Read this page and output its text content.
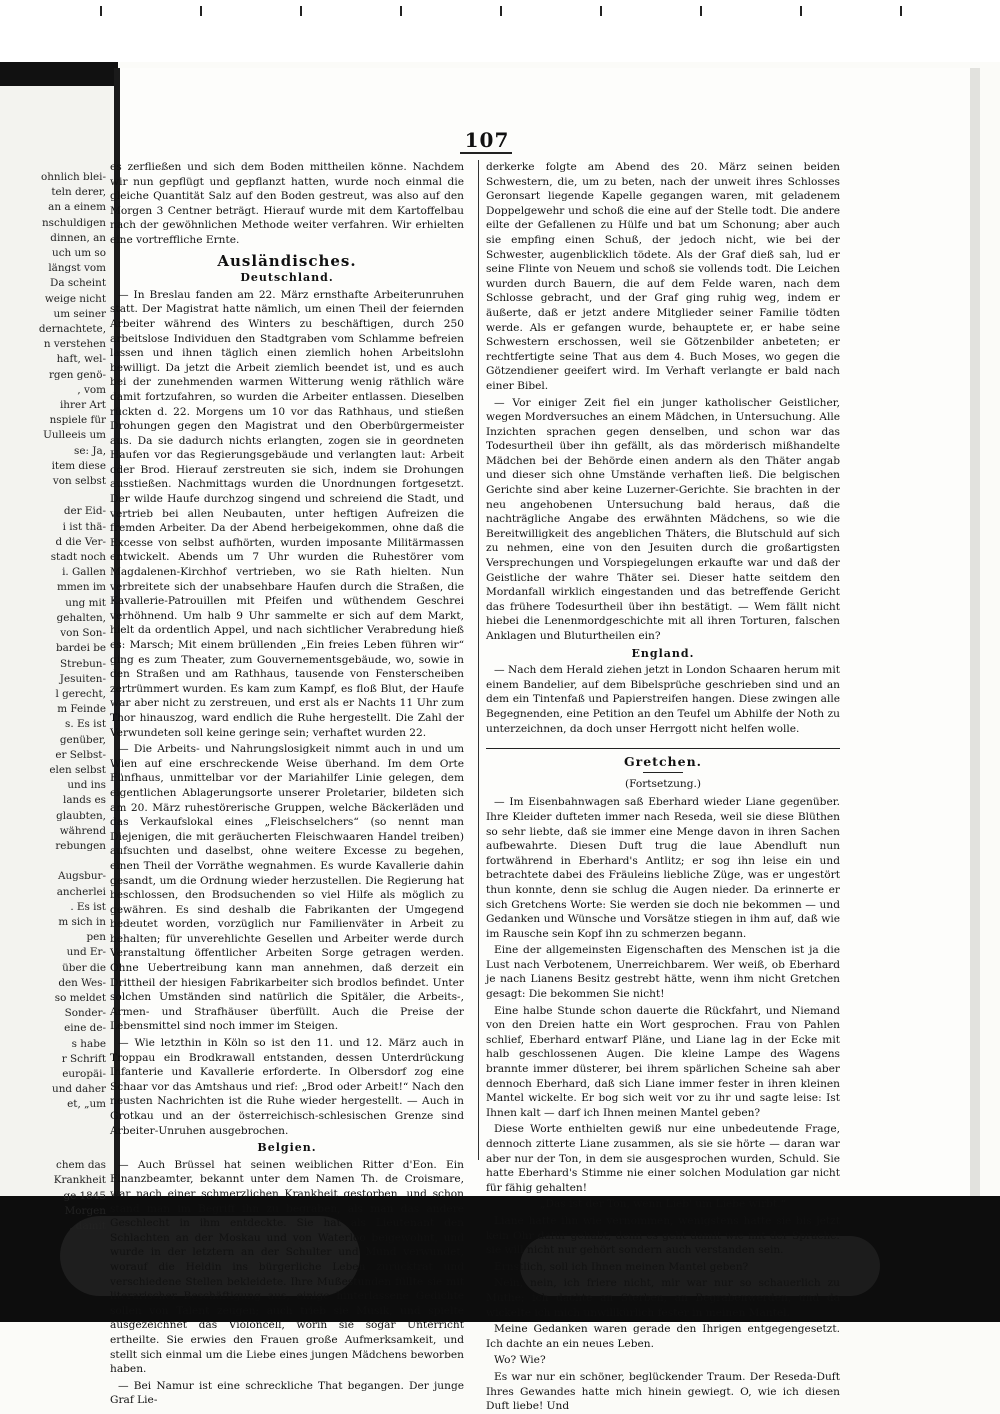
ohnlich blei-
teln derer,
an a einem
nschuldigen
dinnen, an
uch um so
längst vom
Da scheint
weige nicht
um seiner
dernachtete,
n verstehen
haft, wel-
rgen genö-
, vom
ihrer Art
nspiele für
Uulleeis um
se: Ja,
item diese
von selbst

der Eid-
i ist thä-
d die Ver-
stadt noch
i. Gallen
mmen im
ung mit
gehalten,
von Son-
bardei be
Strebun-
Jesuiten-
l gerecht,
m Feinde
s. Es ist
genüber,
er Selbst-
elen selbst
und ins
lands es
glaubten,
während
rebungen

Augsbur-
ancherlei
. Es ist
m sich in
pen
und Er-
über die
den Wes-
so meldet
Sonder-
eine de-
s habe
r Schrift
europäi-
und daher
et, „um

chem das
Krankheit
ge 1845
Morgen
, damit
107

es zerfließen und sich dem Boden mittheilen könne. Nachdem wir nun gepflügt und gepflanzt hatten, wurde noch einmal die gleiche Quantität Salz auf den Boden gestreut, was also auf den Morgen 3 Centner beträgt. Hierauf wurde mit dem Kartoffelbau nach der gewöhnlichen Methode weiter verfahren. Wir erhielten eine vortreffliche Ernte.

Ausländisches.
Deutschland.

— In Breslau fanden am 22. März ernsthafte Arbeiterunruhen statt. Der Magistrat hatte nämlich, um einen Theil der feiernden Arbeiter während des Winters zu beschäftigen, durch 250 arbeitslose Individuen den Stadtgraben vom Schlamme befreien lassen und ihnen täglich einen ziemlich hohen Arbeitslohn bewilligt. Da jetzt die Arbeit ziemlich beendet ist, und es auch bei der zunehmenden warmen Witterung wenig räthlich wäre damit fortzufahren, so wurden die Arbeiter entlassen. Dieselben rückten d. 22. Morgens um 10 vor das Rathhaus, und stießen Drohungen gegen den Magistrat und den Oberbürgermeister aus. Da sie dadurch nichts erlangten, zogen sie in geordneten Haufen vor das Regierungsgebäude und verlangten laut: Arbeit oder Brod. Hierauf zerstreuten sie sich, indem sie Drohungen ausstießen. Nachmittags wurden die Unordnungen fortgesetzt. Der wilde Haufe durchzog singend und schreiend die Stadt, und vertrieb bei allen Neubauten, unter heftigen Aufreizen die fremden Arbeiter. Da der Abend herbeigekommen, ohne daß die Excesse von selbst aufhörten, wurden imposante Militärmassen entwickelt. Abends um 7 Uhr wurden die Ruhestörer vom Magdalenen-Kirchhof vertrieben, wo sie Rath hielten. Nun verbreitete sich der unabsehbare Haufen durch die Straßen, die Kavallerie-Patrouillen mit Pfeifen und wüthendem Geschrei verhöhnend. Um halb 9 Uhr sammelte er sich auf dem Markt, hielt da ordentlich Appel, und nach sichtlicher Verabredung hieß es: Marsch; Mit einem brüllenden „Ein freies Leben führen wir“ ging es zum Theater, zum Gouvernementsgebäude, wo, sowie in den Straßen und am Rathhaus, tausende von Fensterscheiben zertrümmert wurden. Es kam zum Kampf, es floß Blut, der Haufe war aber nicht zu zerstreuen, und erst als er Nachts 11 Uhr zum Thor hinauszog, ward endlich die Ruhe hergestellt. Die Zahl der Verwundeten soll keine geringe sein; verhaftet wurden 22.

— Die Arbeits- und Nahrungslosigkeit nimmt auch in und um Wien auf eine erschreckende Weise überhand. Im dem Orte Fünfhaus, unmittelbar vor der Mariahilfer Linie gelegen, dem eigentlichen Ablagerungsorte unserer Proletarier, bildeten sich am 20. März ruhestörerische Gruppen, welche Bäckerläden und das Verkaufslokal eines „Fleischselchers“ (so nennt man Diejenigen, die mit geräucherten Fleischwaaren Handel treiben) aufsuchten und daselbst, ohne weitere Excesse zu begehen, einen Theil der Vorräthe wegnahmen. Es wurde Kavallerie dahin gesandt, um die Ordnung wieder herzustellen. Die Regierung hat beschlossen, den Brodsuchenden so viel Hilfe als möglich zu gewähren. Es sind deshalb die Fabrikanten der Umgegend bedeutet worden, vorzüglich nur Familienväter in Arbeit zu behalten; für unverehlichte Gesellen und Arbeiter werde durch Veranstaltung öffentlicher Arbeiten Sorge getragen werden. Ohne Uebertreibung kann man annehmen, daß derzeit ein Drittheil der hiesigen Fabrikarbeiter sich brodlos befindet. Unter solchen Umständen sind natürlich die Spitäler, die Arbeits-, Armen- und Strafhäuser überfüllt. Auch die Preise der Lebensmittel sind noch immer im Steigen.

— Wie letzthin in Köln so ist den 11. und 12. März auch in Troppau ein Brodkrawall entstanden, dessen Unterdrückung Infanterie und Kavallerie erforderte. In Olbersdorf zog eine Schaar vor das Amtshaus und rief: „Brod oder Arbeit!“ Nach den neusten Nachrichten ist die Ruhe wieder hergestellt. — Auch in Grotkau und an der österreichisch-schlesischen Grenze sind Arbeiter-Unruhen ausgebrochen.

Belgien.

— Auch Brüssel hat seinen weiblichen Ritter d'Eon. Ein Finanzbeamter, bekannt unter dem Namen Th. de Croismare, war nach einer schmerzlichen Krankheit gestorben, und schon stand man im Begriff ihn zu begraben, als man das andere Geschlecht in ihm entdeckte. Sie hat als Lieutenant den Schlachten an der Moskau und von Waterloo beigewohnt, und wurde in der letztern an der Schulter und Mund verwundet, worauf die Heldin ins bürgerliche Leben zurücktrat und verschiedene Stellen bekleidete. Ihre Mußestunden füllte sie mit literarischer Beschäftigung aus, einige hinterlassene Gedichte sollen von Talent zeugen; auch trieb sie Musik, und spielte ausgezeichnet das Violoncell, worin sie sogar Unterricht ertheilte. Sie erwies den Frauen große Aufmerksamkeit, und stellt sich einmal um die Liebe eines jungen Mädchens beworben haben.

— Bei Namur ist eine schreckliche That begangen. Der junge Graf Lie-

derkerke folgte am Abend des 20. März seinen beiden Schwestern, die, um zu beten, nach der unweit ihres Schlosses Geronsart liegende Kapelle gegangen waren, mit geladenem Doppelgewehr und schoß die eine auf der Stelle todt. Die andere eilte der Gefallenen zu Hülfe und bat um Schonung; aber auch sie empfing einen Schuß, der jedoch nicht, wie bei der Schwester, augenblicklich tödete. Als der Graf dieß sah, lud er seine Flinte von Neuem und schoß sie vollends todt. Die Leichen wurden durch Bauern, die auf dem Felde waren, nach dem Schlosse gebracht, und der Graf ging ruhig weg, indem er äußerte, daß er jetzt andere Mitglieder seiner Familie tödten werde. Als er gefangen wurde, behauptete er, er habe seine Schwestern erschossen, weil sie Götzenbilder anbeteten; er rechtfertigte seine That aus dem 4. Buch Moses, wo gegen die Götzendiener geeifert wird. Im Verhaft verlangte er bald nach einer Bibel.

— Vor einiger Zeit fiel ein junger katholischer Geistlicher, wegen Mordversuches an einem Mädchen, in Untersuchung. Alle Inzichten sprachen gegen denselben, und schon war das Todesurtheil über ihn gefällt, als das mörderisch mißhandelte Mädchen bei der Behörde einen andern als den Thäter angab und dieser sich ohne Umstände verhaften ließ. Die belgischen Gerichte sind aber keine Luzerner-Gerichte. Sie brachten in der neu angehobenen Untersuchung bald heraus, daß die nachträgliche Angabe des erwähnten Mädchens, so wie die Bereitwilligkeit des angeblichen Thäters, die Blutschuld auf sich zu nehmen, eine von den Jesuiten durch die großartigsten Versprechungen und Vorspiegelungen erkaufte war und daß der Geistliche der wahre Thäter sei. Dieser hatte seitdem den Mordanfall wirklich eingestanden und das betreffende Gericht das frühere Todesurtheil über ihn bestätigt. — Wem fällt nicht hiebei die Lenenmordgeschichte mit all ihren Torturen, falschen Anklagen und Bluturtheilen ein?

England.

— Nach dem Herald ziehen jetzt in London Schaaren herum mit einem Bandelier, auf dem Bibelsprüche geschrieben sind und an dem ein Tintenfaß und Papierstreifen hangen. Diese zwingen alle Begegnenden, eine Petition an den Teufel um Abhilfe der Noth zu unterzeichnen, da doch unser Herrgott nicht helfen wolle.

Gretchen.
(Fortsetzung.)

— Im Eisenbahnwagen saß Eberhard wieder Liane gegenüber. Ihre Kleider dufteten immer nach Reseda, weil sie diese Blüthen so sehr liebte, daß sie immer eine Menge davon in ihren Sachen aufbewahrte. Diesen Duft trug die laue Abendluft nun fortwährend in Eberhard's Antlitz; er sog ihn leise ein und betrachtete dabei des Fräuleins liebliche Züge, was er ungestört thun konnte, denn sie schlug die Augen nieder. Da erinnerte er sich Gretchens Worte: Sie werden sie doch nie bekommen — und Gedanken und Wünsche und Vorsätze stiegen in ihm auf, daß wie im Rausche sein Kopf ihn zu schmerzen begann.

Eine der allgemeinsten Eigenschaften des Menschen ist ja die Lust nach Verbotenem, Unerreichbarem. Wer weiß, ob Eberhard je nach Lianens Besitz gestrebt hätte, wenn ihm nicht Gretchen gesagt: Die bekommen Sie nicht!

Eine halbe Stunde schon dauerte die Rückfahrt, und Niemand von den Dreien hatte ein Wort gesprochen. Frau von Pahlen schlief, Eberhard entwarf Pläne, und Liane lag in der Ecke mit halb geschlossenen Augen. Die kleine Lampe des Wagens brannte immer düsterer, bei ihrem spärlichen Scheine sah aber dennoch Eberhard, daß sich Liane immer fester in ihren kleinen Mantel wickelte. Er bog sich weit vor zu ihr und sagte leise: Ist Ihnen kalt — darf ich Ihnen meinen Mantel geben?

Diese Worte enthielten gewiß nur eine unbedeutende Frage, dennoch zitterte Liane zusammen, als sie sie hörte — daran war aber nur der Ton, in dem sie ausgesprochen wurden, Schuld. Sie hatte Eberhard's Stimme nie einer solchen Modulation gar nicht für fähig gehalten!

„Das ist der Ton, wenn Lieb' um Liebe wirbt.“

Liane hatte ihn wie vernommen, wenigstens hatte sie bis jetzt kein Ohr dafür gehabt; denn es geht damit wie mit der Sprache: sie will nicht nur gehört sondern auch verstanden sein.

Ernstlich, soll ich Ihnen meinen Mantel geben?

Nein, nein, ich friere nicht, mir war nur so schauerlich zu Muthe; ich dachte an Sterben, an Begrabenwerden, und da wickelte ich mich unwillkürlich fester in meinen Mantel.

Meine Gedanken waren gerade den Ihrigen entgegengesetzt. Ich dachte an ein neues Leben.

Wo? Wie?

Es war nur ein schöner, beglückender Traum. Der Reseda-Duft Ihres Gewandes hatte mich hinein gewiegt. O, wie ich diesen Duft liebe! Und
